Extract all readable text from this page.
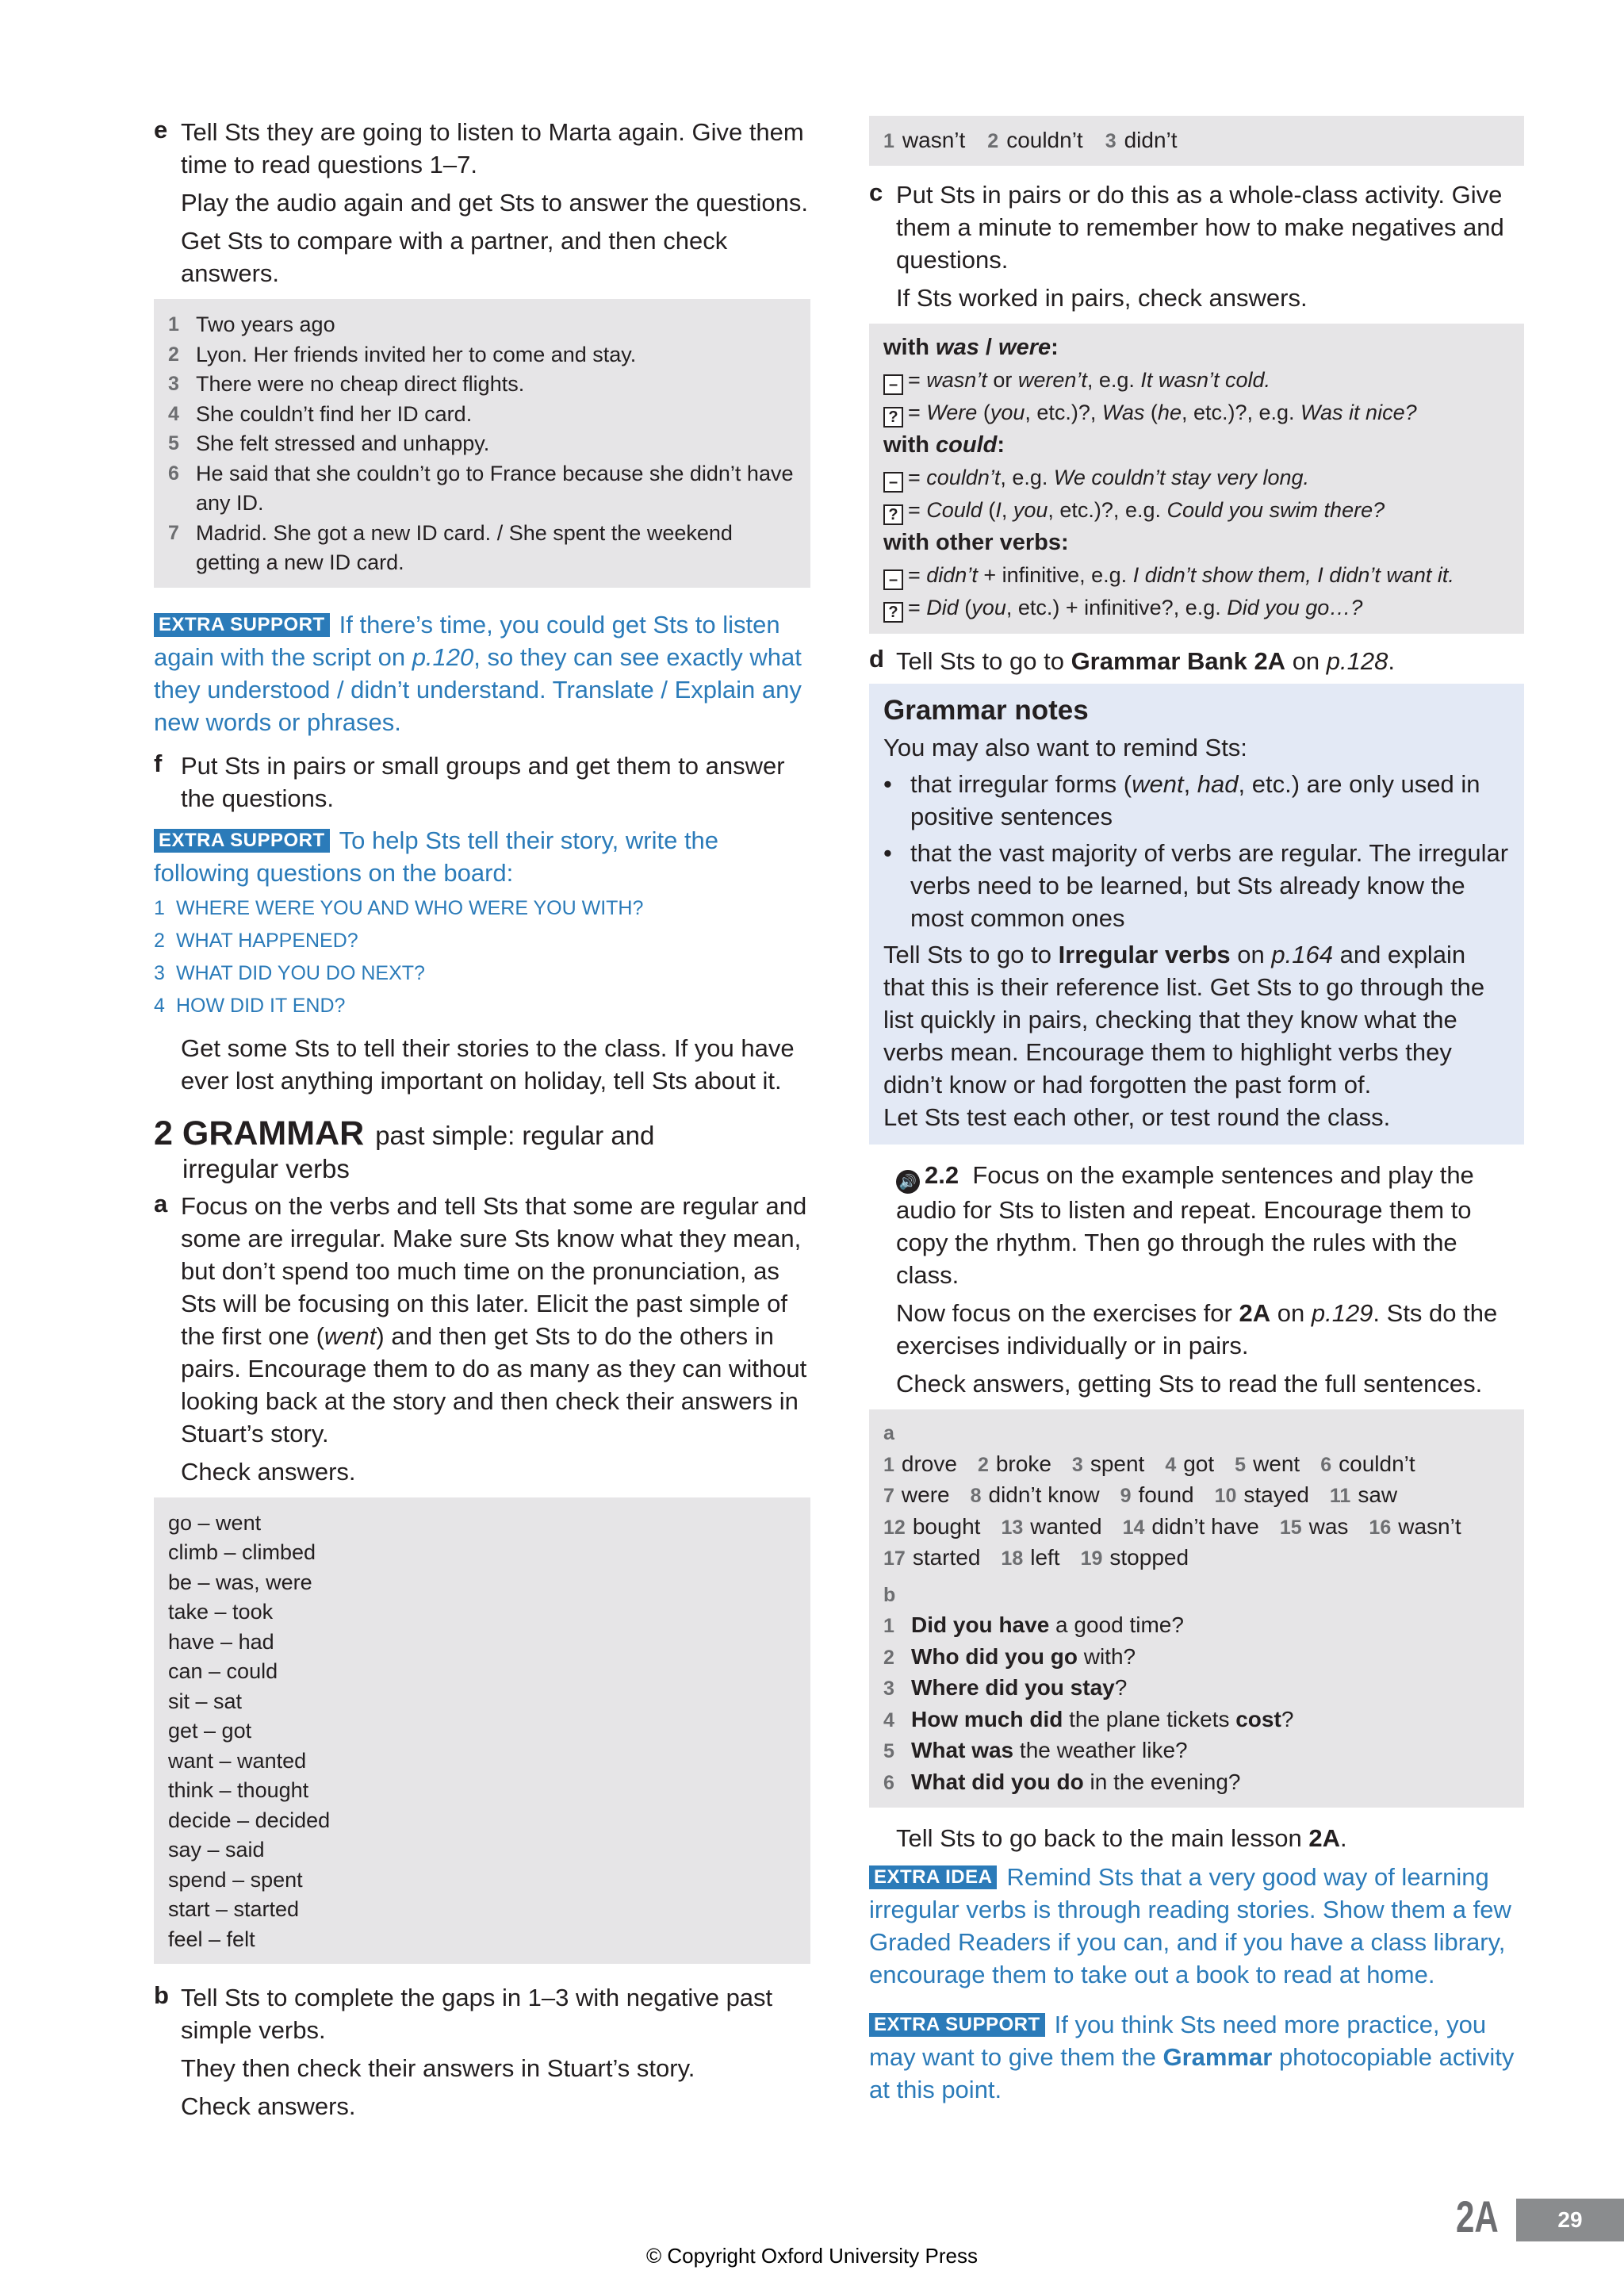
e Tell Sts they are going to listen to Marta again. Give them time to read questions 1–7.

Play the audio again and get Sts to answer the questions.

Get Sts to compare with a partner, and then check answers.

1 Two years ago
2 Lyon. Her friends invited her to come and stay.
3 There were no cheap direct flights.
4 She couldn’t find her ID card.
5 She felt stressed and unhappy.
6 He said that she couldn’t go to France because she didn’t have any ID.
7 Madrid. She got a new ID card. / She spent the weekend getting a new ID card.

EXTRA SUPPORT If there’s time, you could get Sts to listen again with the script on p.120, so they can see exactly what they understood / didn’t understand. Translate / Explain any new words or phrases.

f Put Sts in pairs or small groups and get them to answer the questions.

EXTRA SUPPORT To help Sts tell their story, write the following questions on the board:

1 WHERE WERE YOU AND WHO WERE YOU WITH?
2 WHAT HAPPENED?
3 WHAT DID YOU DO NEXT?
4 HOW DID IT END?

Get some Sts to tell their stories to the class. If you have ever lost anything important on holiday, tell Sts about it.

2 GRAMMAR past simple: regular and
irregular verbs
a Focus on the verbs and tell Sts that some are regular and some are irregular. Make sure Sts know what they mean, but don’t spend too much time on the pronunciation, as Sts will be focusing on this later. Elicit the past simple of the first one (went) and then get Sts to do the others in pairs. Encourage them to do as many as they can without looking back at the story and then check their answers in Stuart’s story.

Check answers.

go – went
climb – climbed
be – was, were
take – took
have – had
can – could
sit – sat
get – got
want – wanted
think – thought
decide – decided
say – said
spend – spent
start – started
feel – felt
b Tell Sts to complete the gaps in 1–3 with negative past simple verbs.

They then check their answers in Stuart’s story.

Check answers.

1 wasn’t 2 couldn’t 3 didn’t
c Put Sts in pairs or do this as a whole-class activity. Give them a minute to remember how to make negatives and questions.

If Sts worked in pairs, check answers.

with was / were:
– = wasn’t or weren’t, e.g. It wasn’t cold.
? = Were (you, etc.)?, Was (he, etc.)?, e.g. Was it nice?
with could:
– = couldn’t, e.g. We couldn’t stay very long.
? = Could (I, you, etc.)?, e.g. Could you swim there?
with other verbs:
– = didn’t + infinitive, e.g. I didn’t show them, I didn’t want it.
? = Did (you, etc.) + infinitive?, e.g. Did you go…?
d Tell Sts to go to Grammar Bank 2A on p.128.

Grammar notes
You may also want to remind Sts:
• that irregular forms (went, had, etc.) are only used in positive sentences
• that the vast majority of verbs are regular. The irregular verbs need to be learned, but Sts already know the most common ones
Tell Sts to go to Irregular verbs on p.164 and explain that this is their reference list. Get Sts to go through the list quickly in pairs, checking that they know what the verbs mean. Encourage them to highlight verbs they didn’t know or had forgotten the past form of.
Let Sts test each other, or test round the class.

🔊 2.2 Focus on the example sentences and play the audio for Sts to listen and repeat. Encourage them to copy the rhythm. Then go through the rules with the class.

Now focus on the exercises for 2A on p.129. Sts do the exercises individually or in pairs.

Check answers, getting Sts to read the full sentences.

a
1 drove 2 broke 3 spent 4 got 5 went 6 couldn’t
7 were 8 didn’t know 9 found 10 stayed 11 saw
12 bought 13 wanted 14 didn’t have 15 was 16 wasn’t
17 started 18 left 19 stopped
b
1 Did you have a good time?
2 Who did you go with?
3 Where did you stay?
4 How much did the plane tickets cost?
5 What was the weather like?
6 What did you do in the evening?

Tell Sts to go back to the main lesson 2A.

EXTRA IDEA Remind Sts that a very good way of learning irregular verbs is through reading stories. Show them a few Graded Readers if you can, and if you have a class library, encourage them to take out a book to read at home.

EXTRA SUPPORT If you think Sts need more practice, you may want to give them the Grammar photocopiable activity at this point.

2A	29
© Copyright Oxford University Press
